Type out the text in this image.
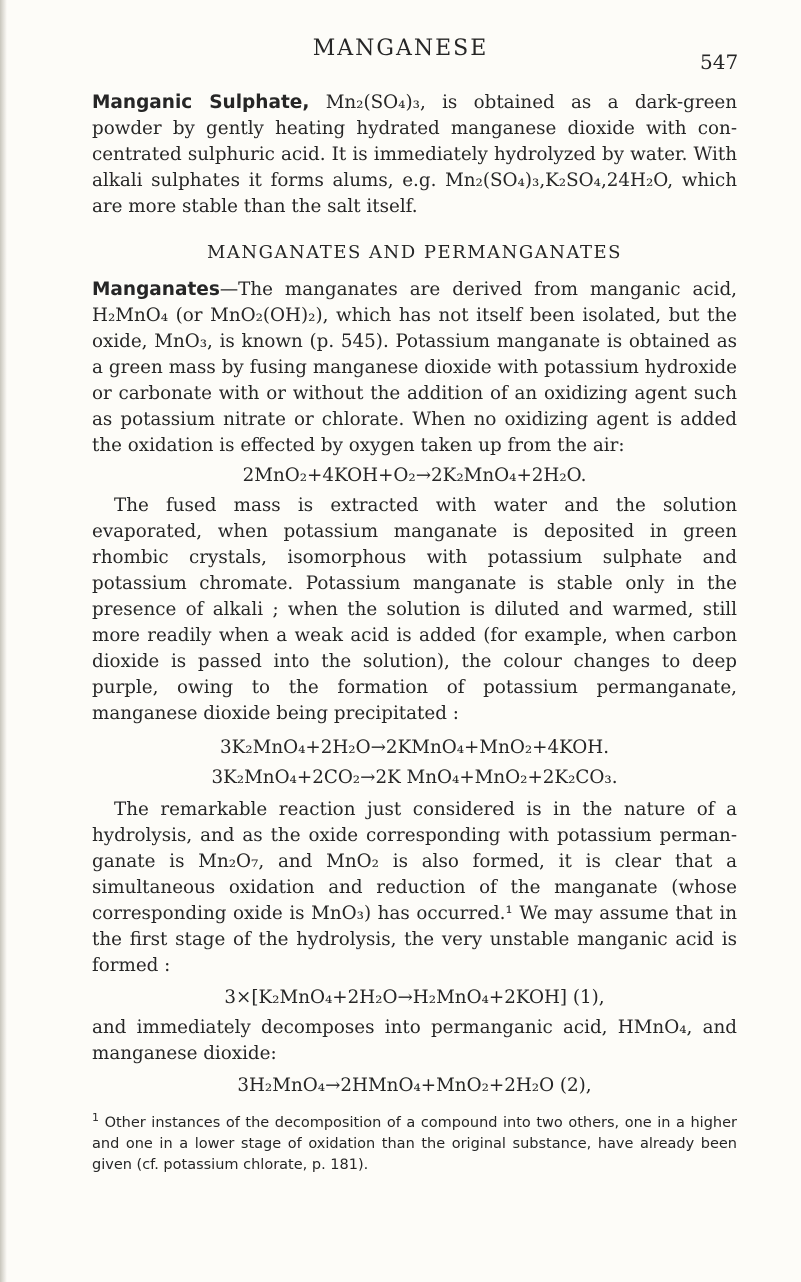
MANGANESE
547

Manganic Sulphate, Mn₂(SO₄)₃, is obtained as a dark-green powder by gently heating hydrated manganese dioxide with concentrated sulphuric acid. It is immediately hydrolyzed by water. With alkali sulphates it forms alums, e.g. Mn₂(SO₄)₃,K₂SO₄,24H₂O, which are more stable than the salt itself.

MANGANATES AND PERMANGANATES

Manganates—The manganates are derived from manganic acid, H₂MnO₄ (or MnO₂(OH)₂), which has not itself been isolated, but the oxide, MnO₃, is known (p. 545). Potassium manganate is obtained as a green mass by fusing manganese dioxide with potassium hydroxide or carbonate with or without the addition of an oxidizing agent such as potassium nitrate or chlorate. When no oxidizing agent is added the oxidation is effected by oxygen taken up from the air:

2MnO₂+4KOH+O₂→2K₂MnO₄+2H₂O.

The fused mass is extracted with water and the solution evaporated, when potassium manganate is deposited in green rhombic crystals, isomorphous with potassium sulphate and potassium chromate. Potassium manganate is stable only in the presence of alkali ; when the solution is diluted and warmed, still more readily when a weak acid is added (for example, when carbon dioxide is passed into the solution), the colour changes to deep purple, owing to the formation of potassium permanganate, manganese dioxide being precipitated :

3K₂MnO₄+2H₂O→2KMnO₄+MnO₂+4KOH.
3K₂MnO₄+2CO₂→2K MnO₄+MnO₂+2K₂CO₃.

The remarkable reaction just considered is in the nature of a hydrolysis, and as the oxide corresponding with potassium permanganate is Mn₂O₇, and MnO₂ is also formed, it is clear that a simultaneous oxidation and reduction of the manganate (whose corresponding oxide is MnO₃) has occurred.¹ We may assume that in the first stage of the hydrolysis, the very unstable manganic acid is formed :

3×[K₂MnO₄+2H₂O→H₂MnO₄+2KOH] (1),

and immediately decomposes into permanganic acid, HMnO₄, and manganese dioxide:

3H₂MnO₄→2HMnO₄+MnO₂+2H₂O (2),
$^1$ Other instances of the decomposition of a compound into two others, one in a higher and one in a lower stage of oxidation than the original substance, have already been given (cf. potassium chlorate, p. 181).
